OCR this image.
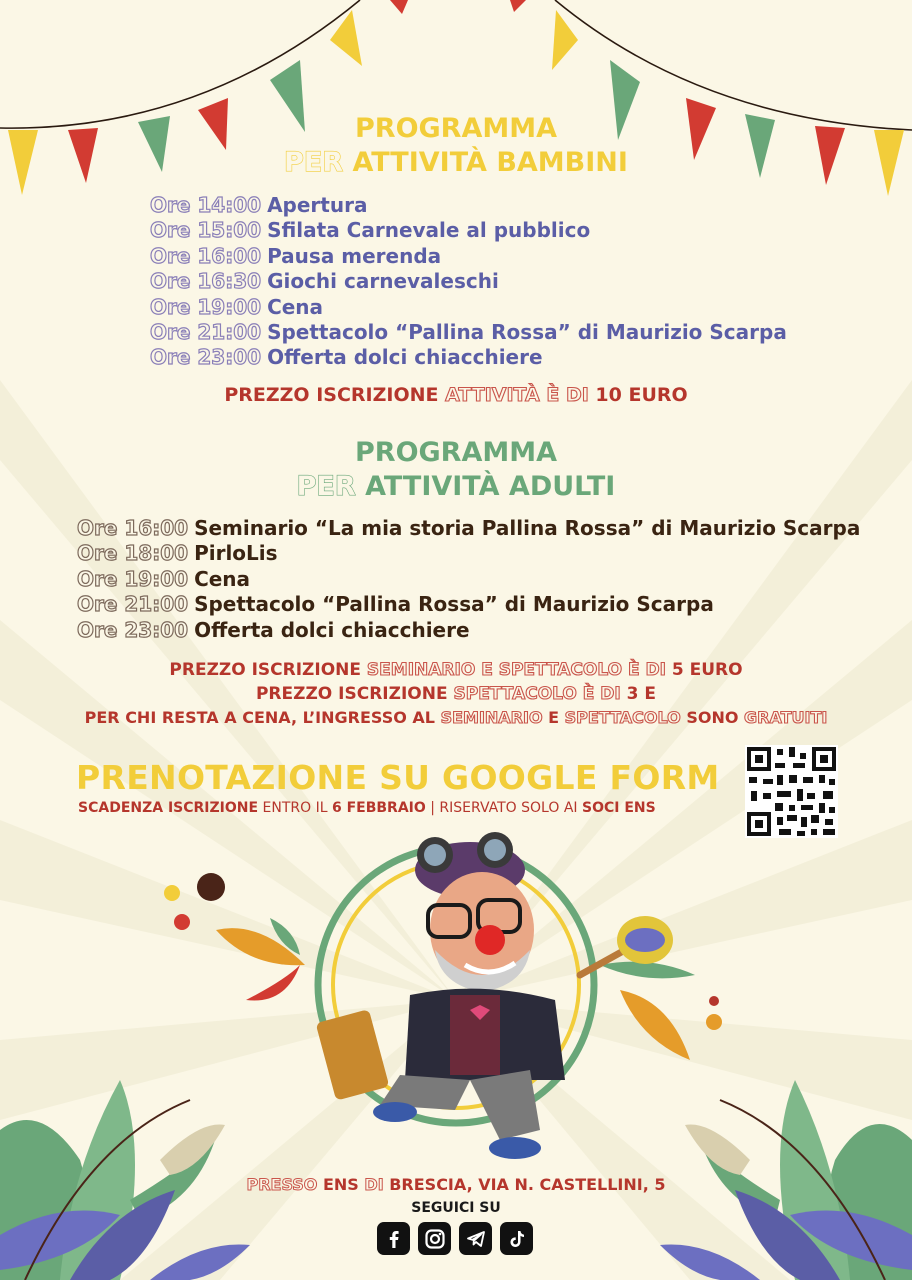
PROGRAMMA
PER ATTIVITÀ BAMBINI
Ore 14:00 Apertura
Ore 15:00 Sfilata Carnevale al pubblico
Ore 16:00 Pausa merenda
Ore 16:30 Giochi carnevaleschi
Ore 19:00 Cena
Ore 21:00 Spettacolo “Pallina Rossa” di Maurizio Scarpa
Ore 23:00 Offerta dolci chiacchiere
PREZZO ISCRIZIONE ATTIVITÀ È DI 10 EURO
PROGRAMMA
PER ATTIVITÀ ADULTI
Ore 16:00 Seminario “La mia storia Pallina Rossa” di Maurizio Scarpa
Ore 18:00 PirloLis
Ore 19:00 Cena
Ore 21:00 Spettacolo “Pallina Rossa” di Maurizio Scarpa
Ore 23:00 Offerta dolci chiacchiere
PREZZO ISCRIZIONE SEMINARIO E SPETTACOLO È DI 5 EURO
PREZZO ISCRIZIONE SPETTACOLO È DI 3 E
PER CHI RESTA A CENA, L’INGRESSO AL SEMINARIO E SPETTACOLO SONO GRATUITI
PRENOTAZIONE SU GOOGLE FORM
SCADENZA ISCRIZIONE ENTRO IL 6 FEBBRAIO | RISERVATO SOLO AI SOCI ENS
PRESSO ENS DI BRESCIA, VIA N. CASTELLINI, 5
SEGUICI SU
